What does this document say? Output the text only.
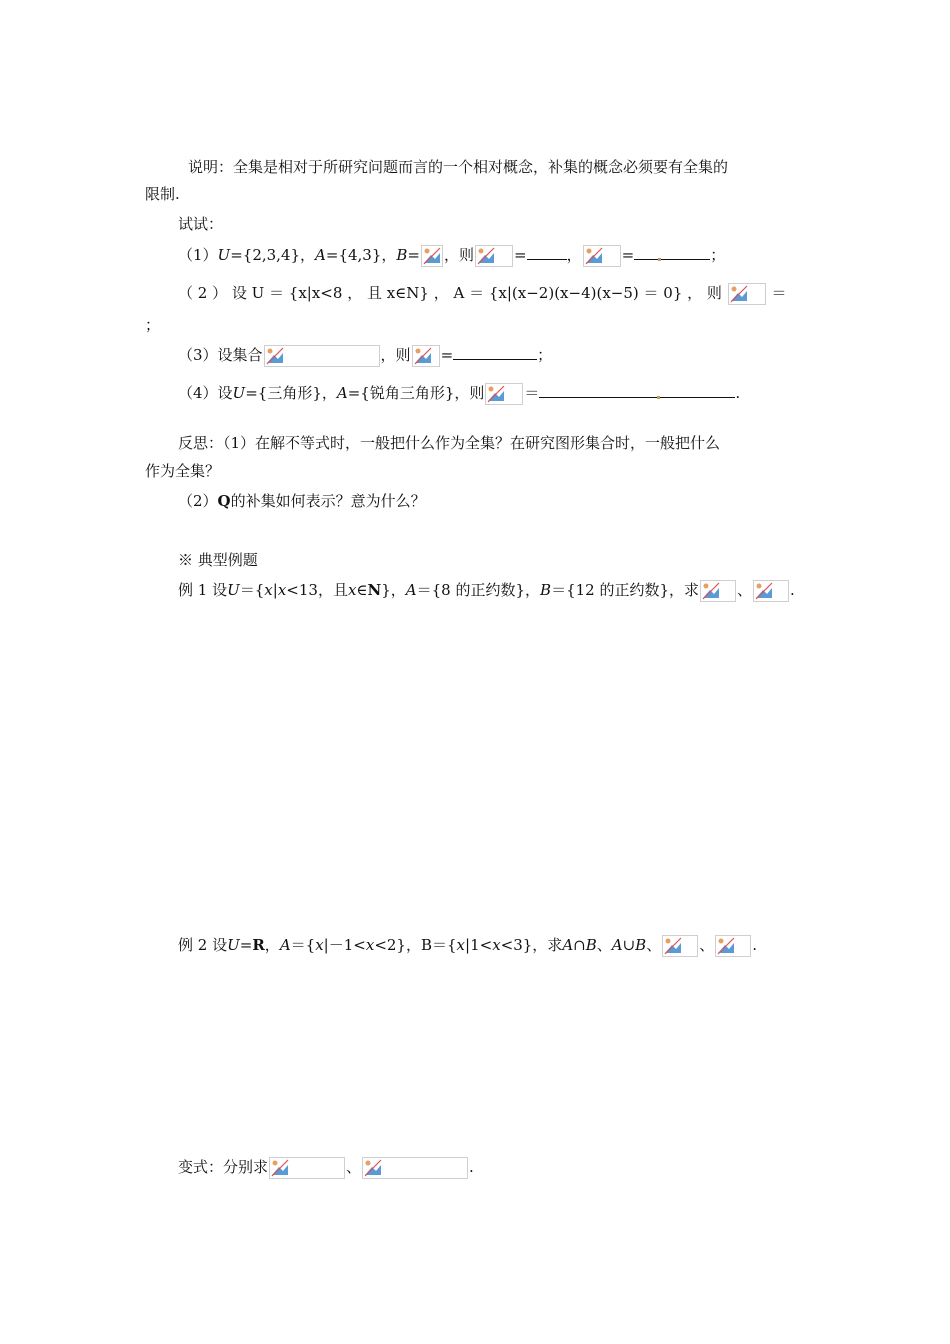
说明：全集是相对于所研究问题而言的一个相对概念，补集的概念必须要有全集的
限制.
试试：
（1）U={2,3,4}，A={4,3}，B= ，则	=	，	=	；
（ 2 ） 设 U ＝ {x|x<8 ， 且 x∈N} ， A ＝ {x|(x−2)(x−4)(x−5) ＝ 0} ， 则	＝
；
（3）设集合	，则 =	；
（4）设U={三角形}，A={锐角三角形}，则	＝	.
反思：（1）在解不等式时，一般把什么作为全集？在研究图形集合时，一般把什么
作为全集？
（2）Q的补集如何表示？意为什么？
※ 典型例题
例 1 设U＝{x|x<13，且x∈N}，A＝{8 的正约数}，B＝{12 的正约数}，求	、	.
例 2 设U=R，A＝{x|－1<x<2}，B＝{x|1<x<3}，求A∩B、A∪B、	、	.
变式：分别求	、	.
